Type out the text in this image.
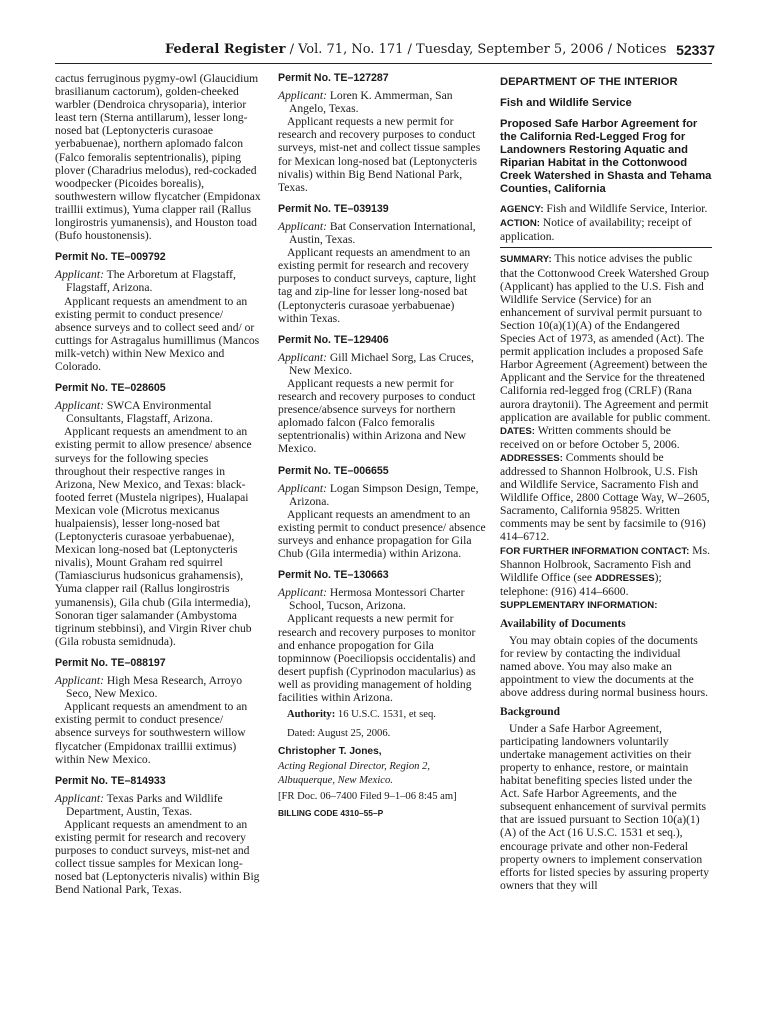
Federal Register / Vol. 71, No. 171 / Tuesday, September 5, 2006 / Notices 52337

cactus ferruginous pygmy-owl (Glaucidium brasilianum cactorum), golden-cheeked warbler (Dendroica chrysoparia), interior least tern (Sterna antillarum), lesser long-nosed bat (Leptonycteris curasoae yerbabuenae), northern aplomado falcon (Falco femoralis septentrionalis), piping plover (Charadrius melodus), red-cockaded woodpecker (Picoides borealis), southwestern willow flycatcher (Empidonax traillii extimus), Yuma clapper rail (Rallus longirostris yumanensis), and Houston toad (Bufo houstonensis).

Permit No. TE–009792

Applicant: The Arboretum at Flagstaff, Flagstaff, Arizona.

Applicant requests an amendment to an existing permit to conduct presence/ absence surveys and to collect seed and/ or cuttings for Astragalus humillimus (Mancos milk-vetch) within New Mexico and Colorado.

Permit No. TE–028605

Applicant: SWCA Environmental Consultants, Flagstaff, Arizona.

Applicant requests an amendment to an existing permit to allow presence/ absence surveys for the following species throughout their respective ranges in Arizona, New Mexico, and Texas: black-footed ferret (Mustela nigripes), Hualapai Mexican vole (Microtus mexicanus hualpaiensis), lesser long-nosed bat (Leptonycteris curasoae yerbabuenae), Mexican long-nosed bat (Leptonycteris nivalis), Mount Graham red squirrel (Tamiasciurus hudsonicus grahamensis), Yuma clapper rail (Rallus longirostris yumanensis), Gila chub (Gila intermedia), Sonoran tiger salamander (Ambystoma tigrinum stebbinsi), and Virgin River chub (Gila robusta semidnuda).

Permit No. TE–088197

Applicant: High Mesa Research, Arroyo Seco, New Mexico.

Applicant requests an amendment to an existing permit to conduct presence/ absence surveys for southwestern willow flycatcher (Empidonax traillii extimus) within New Mexico.

Permit No. TE–814933

Applicant: Texas Parks and Wildlife Department, Austin, Texas.

Applicant requests an amendment to an existing permit for research and recovery purposes to conduct surveys, mist-net and collect tissue samples for Mexican long-nosed bat (Leptonycteris nivalis) within Big Bend National Park, Texas.

Permit No. TE–127287

Applicant: Loren K. Ammerman, San Angelo, Texas.

Applicant requests a new permit for research and recovery purposes to conduct surveys, mist-net and collect tissue samples for Mexican long-nosed bat (Leptonycteris nivalis) within Big Bend National Park, Texas.

Permit No. TE–039139

Applicant: Bat Conservation International, Austin, Texas.

Applicant requests an amendment to an existing permit for research and recovery purposes to conduct surveys, capture, light tag and zip-line for lesser long-nosed bat (Leptonycteris curasoae yerbabuenae) within Texas.

Permit No. TE–129406

Applicant: Gill Michael Sorg, Las Cruces, New Mexico.

Applicant requests a new permit for research and recovery purposes to conduct presence/absence surveys for northern aplomado falcon (Falco femoralis septentrionalis) within Arizona and New Mexico.

Permit No. TE–006655

Applicant: Logan Simpson Design, Tempe, Arizona.

Applicant requests an amendment to an existing permit to conduct presence/ absence surveys and enhance propagation for Gila Chub (Gila intermedia) within Arizona.

Permit No. TE–130663

Applicant: Hermosa Montessori Charter School, Tucson, Arizona.

Applicant requests a new permit for research and recovery purposes to monitor and enhance propogation for Gila topminnow (Poeciliopsis occidentalis) and desert pupfish (Cyprinodon macularius) as well as providing management of holding facilities within Arizona.

Authority: 16 U.S.C. 1531, et seq.

Dated: August 25, 2006.

Christopher T. Jones,

Acting Regional Director, Region 2, Albuquerque, New Mexico.

[FR Doc. 06–7400 Filed 9–1–06 8:45 am]

BILLING CODE 4310–55–P
DEPARTMENT OF THE INTERIOR
Fish and Wildlife Service
Proposed Safe Harbor Agreement for the California Red-Legged Frog for Landowners Restoring Aquatic and Riparian Habitat in the Cottonwood Creek Watershed in Shasta and Tehama Counties, California

AGENCY: Fish and Wildlife Service, Interior.

ACTION: Notice of availability; receipt of application.

SUMMARY: This notice advises the public that the Cottonwood Creek Watershed Group (Applicant) has applied to the U.S. Fish and Wildlife Service (Service) for an enhancement of survival permit pursuant to Section 10(a)(1)(A) of the Endangered Species Act of 1973, as amended (Act). The permit application includes a proposed Safe Harbor Agreement (Agreement) between the Applicant and the Service for the threatened California red-legged frog (CRLF) (Rana aurora draytonii). The Agreement and permit application are available for public comment.

DATES: Written comments should be received on or before October 5, 2006.

ADDRESSES: Comments should be addressed to Shannon Holbrook, U.S. Fish and Wildlife Service, Sacramento Fish and Wildlife Office, 2800 Cottage Way, W–2605, Sacramento, California 95825. Written comments may be sent by facsimile to (916) 414–6712.

FOR FURTHER INFORMATION CONTACT: Ms. Shannon Holbrook, Sacramento Fish and Wildlife Office (see ADDRESSES); telephone: (916) 414–6600.

SUPPLEMENTARY INFORMATION:

Availability of Documents

You may obtain copies of the documents for review by contacting the individual named above. You may also make an appointment to view the documents at the above address during normal business hours.

Background

Under a Safe Harbor Agreement, participating landowners voluntarily undertake management activities on their property to enhance, restore, or maintain habitat benefiting species listed under the Act. Safe Harbor Agreements, and the subsequent enhancement of survival permits that are issued pursuant to Section 10(a)(1)(A) of the Act (16 U.S.C. 1531 et seq.), encourage private and other non-Federal property owners to implement conservation efforts for listed species by assuring property owners that they will
